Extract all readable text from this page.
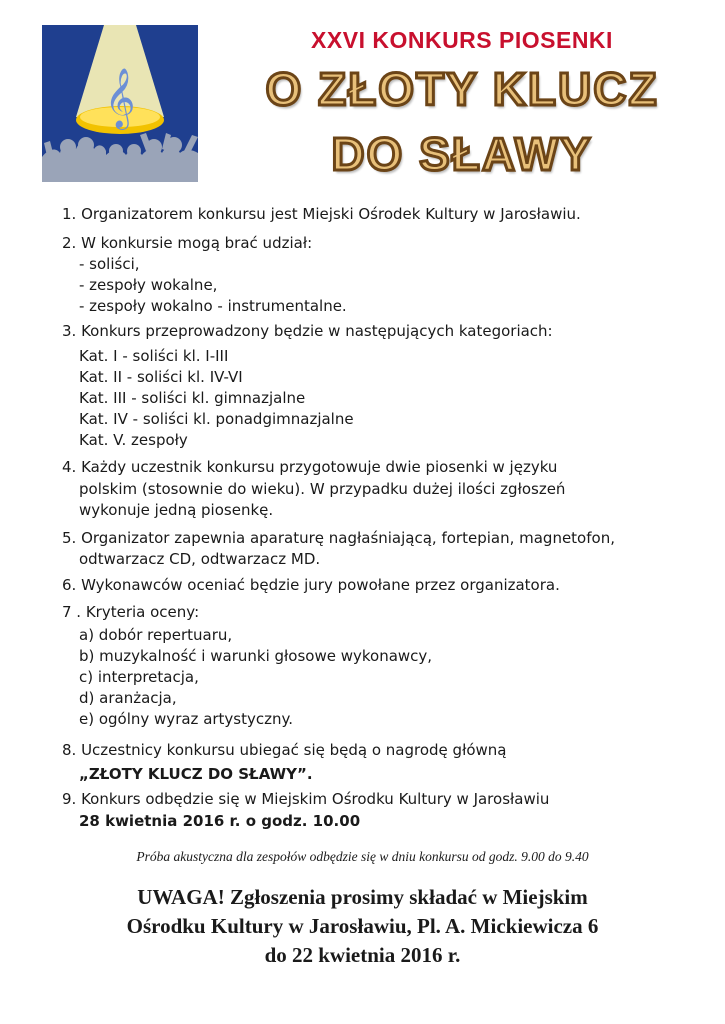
𝄞
XXVI KONKURS PIOSENKI
O ZŁOTY KLUCZ
DO SŁAWY
1. Organizatorem konkursu jest Miejski Ośrodek Kultury w Jarosławiu.
2. W konkursie mogą brać udział:
- soliści,
- zespoły wokalne,
- zespoły wokalno - instrumentalne.
3. Konkurs przeprowadzony będzie w następujących kategoriach:
Kat. I - soliści kl. I-III
Kat. II - soliści kl. IV-VI
Kat. III - soliści kl. gimnazjalne
Kat. IV - soliści kl. ponadgimnazjalne
Kat. V. zespoły
4. Każdy uczestnik konkursu przygotowuje dwie piosenki w języku
polskim (stosownie do wieku). W przypadku dużej ilości zgłoszeń
wykonuje jedną piosenkę.
5. Organizator zapewnia aparaturę nagłaśniającą, fortepian, magnetofon,
odtwarzacz CD, odtwarzacz MD.
6. Wykonawców oceniać będzie jury powołane przez organizatora.
7 . Kryteria oceny:
a) dobór repertuaru,
b) muzykalność i warunki głosowe wykonawcy,
c) interpretacja,
d) aranżacja,
e) ogólny wyraz artystyczny.
8. Uczestnicy konkursu ubiegać się będą o nagrodę główną
„ZŁOTY KLUCZ DO SŁAWY”.
9. Konkurs odbędzie się w Miejskim Ośrodku Kultury w Jarosławiu
28 kwietnia 2016 r. o godz. 10.00
Próba akustyczna dla zespołów odbędzie się w dniu konkursu od godz. 9.00 do 9.40
UWAGA! Zgłoszenia prosimy składać w Miejskim
Ośrodku Kultury w Jarosławiu, Pl. A. Mickiewicza 6
do 22 kwietnia 2016 r.
